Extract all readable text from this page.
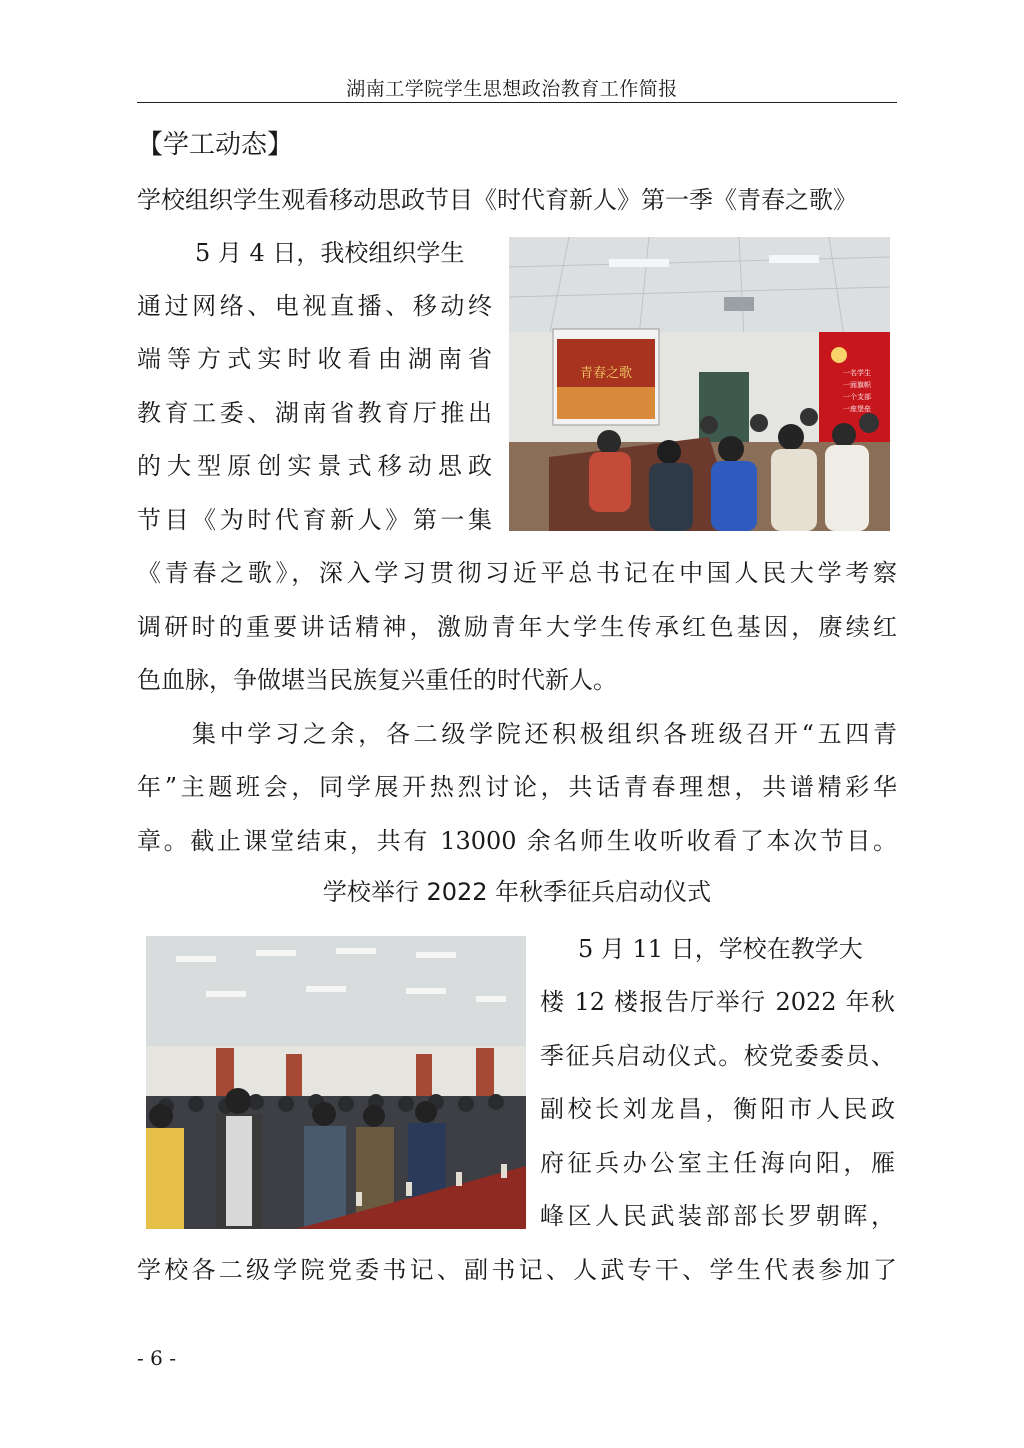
湖南工学院学生思想政治教育工作简报
【学工动态】
学校组织学生观看移动思政节目《时代育新人》第一季《青春之歌》
5 月 4 日，我校组织学生
通过网络、电视直播、移动终
端等方式实时收看由湖南省
教育工委、湖南省教育厅推出
的大型原创实景式移动思政
节目《为时代育新人》第一集
《青春之歌》，深入学习贯彻习近平总书记在中国人民大学考察
调研时的重要讲话精神，激励青年大学生传承红色基因，赓续红
色血脉，争做堪当民族复兴重任的时代新人。
集中学习之余，各二级学院还积极组织各班级召开“五四青
年”主题班会，同学展开热烈讨论，共话青春理想，共谱精彩华
章。截止课堂结束，共有 13000 余名师生收听收看了本次节目。
青春之歌	一名学生
一面旗帜
一个支部
一座堡垒
学校举行 2022 年秋季征兵启动仪式
5 月 11 日，学校在教学大
楼 12 楼报告厅举行 2022 年秋
季征兵启动仪式。校党委委员、
副校长刘龙昌，衡阳市人民政
府征兵办公室主任海向阳，雁
峰区人民武装部部长罗朝晖，
学校各二级学院党委书记、副书记、人武专干、学生代表参加了
- 6 -
